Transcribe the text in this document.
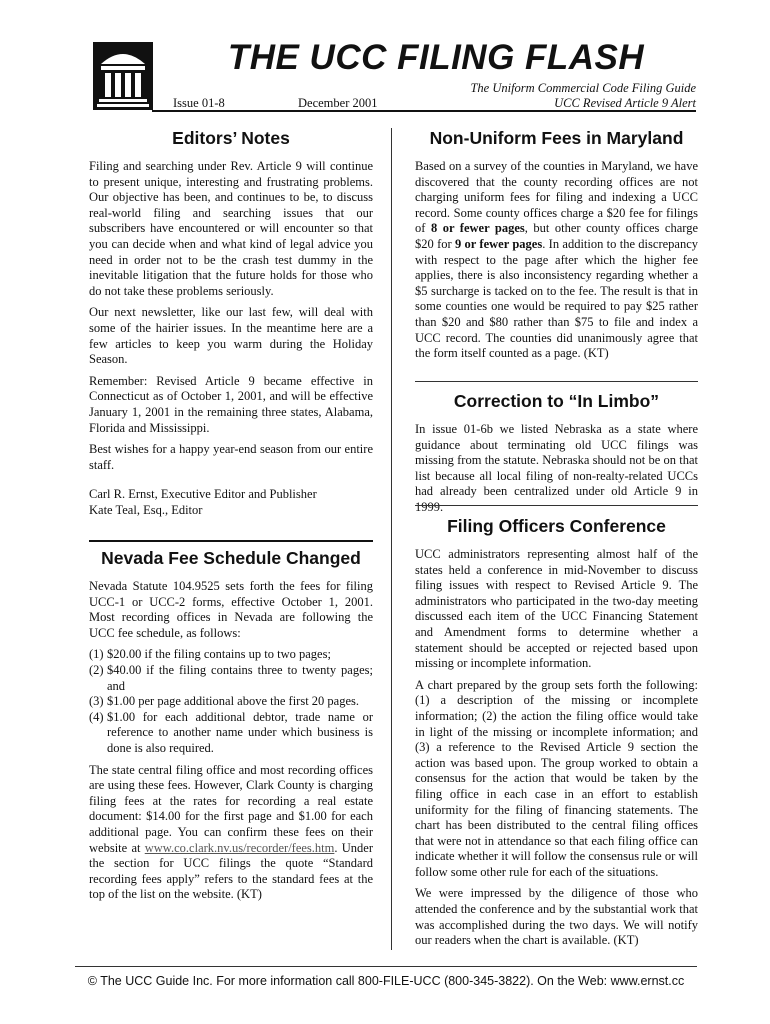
THE UCC FILING FLASH
The Uniform Commercial Code Filing Guide
UCC Revised Article 9 Alert
Issue 01-8	December 2001
Editors’ Notes

Filing and searching under Rev. Article 9 will continue to present unique, interesting and frustrating problems. Our objective has been, and continues to be, to discuss real-world filing and searching issues that our subscribers have encountered or will encounter so that you can decide when and what kind of legal advice you need in order not to be the crash test dummy in the inevitable litigation that the future holds for those who do not take these problems seriously.

Our next newsletter, like our last few, will deal with some of the hairier issues. In the meantime here are a few articles to keep you warm during the Holiday Season.

Remember: Revised Article 9 became effective in Connecticut as of October 1, 2001, and will be effective January 1, 2001 in the remaining three states, Alabama, Florida and Mississippi.

Best wishes for a happy year-end season from our entire staff.

Carl R. Ernst, Executive Editor and Publisher

Kate Teal, Esq., Editor

Nevada Fee Schedule Changed

Nevada Statute 104.9525 sets forth the fees for filing UCC-1 or UCC-2 forms, effective October 1, 2001. Most recording offices in Nevada are following the UCC fee schedule, as follows:

(1) $20.00 if the filing contains up to two pages;
(2) $40.00 if the filing contains three to twenty pages; and
(3) $1.00 per page additional above the first 20 pages.
(4) $1.00 for each additional debtor, trade name or reference to another name under which business is done is also required.

The state central filing office and most recording offices are using these fees. However, Clark County is charging filing fees at the rates for recording a real estate document: $14.00 for the first page and $1.00 for each additional page. You can confirm these fees on their website at www.co.clark.nv.us/recorder/fees.htm. Under the section for UCC filings the quote “Standard recording fees apply” refers to the standard fees at the top of the list on the website. (KT)

Non-Uniform Fees in Maryland

Based on a survey of the counties in Maryland, we have discovered that the county recording offices are not charging uniform fees for filing and indexing a UCC record. Some county offices charge a $20 fee for filings of 8 or fewer pages, but other county offices charge $20 for 9 or fewer pages. In addition to the discrepancy with respect to the page after which the higher fee applies, there is also inconsistency regarding whether a $5 surcharge is tacked on to the fee. The result is that in some counties one would be required to pay $25 rather than $20 and $80 rather than $75 to file and index a UCC record. The counties did unanimously agree that the form itself counted as a page. (KT)

Correction to “In Limbo”

In issue 01-6b we listed Nebraska as a state where guidance about terminating old UCC filings was missing from the statute. Nebraska should not be on that list because all local filing of non-realty-related UCCs had already been centralized under old Article 9 in 1999.

Filing Officers Conference

UCC administrators representing almost half of the states held a conference in mid-November to discuss filing issues with respect to Revised Article 9. The administrators who participated in the two-day meeting discussed each item of the UCC Financing Statement and Amendment forms to determine whether a statement should be accepted or rejected based upon missing or incomplete information.

A chart prepared by the group sets forth the following: (1) a description of the missing or incomplete information; (2) the action the filing office would take in light of the missing or incomplete information; and (3) a reference to the Revised Article 9 section the action was based upon. The group worked to obtain a consensus for the action that would be taken by the filing office in each case in an effort to establish uniformity for the filing of financing statements. The chart has been distributed to the central filing offices that were not in attendance so that each filing office can indicate whether it will follow the consensus rule or will follow some other rule for each of the situations.

We were impressed by the diligence of those who attended the conference and by the substantial work that was accomplished during the two days. We will notify our readers when the chart is available. (KT)

© The UCC Guide Inc. For more information call 800-FILE-UCC (800-345-3822). On the Web: www.ernst.cc
